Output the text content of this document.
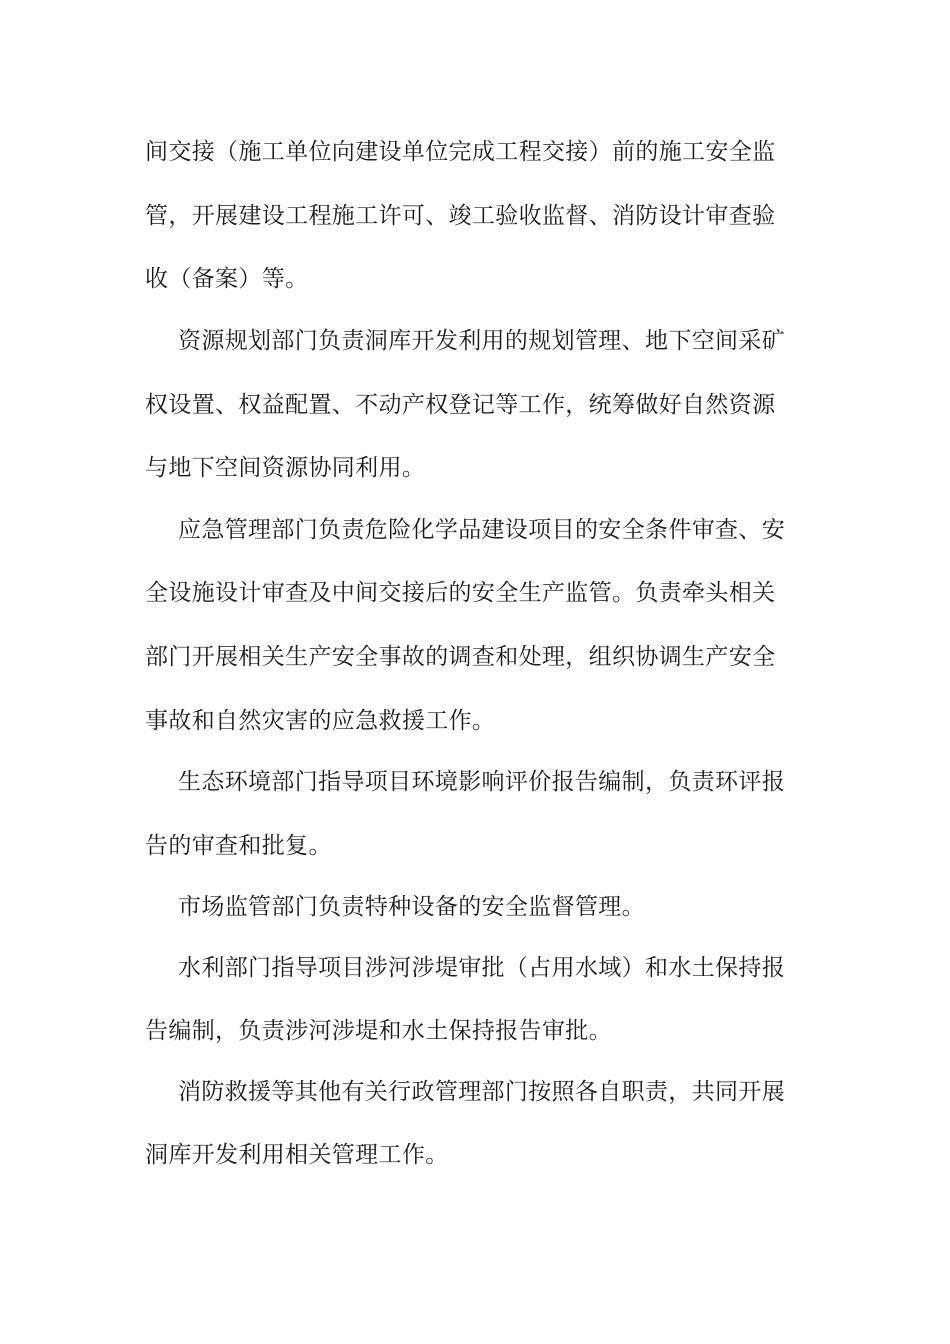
间交接（施工单位向建设单位完成工程交接）前的施工安全监
管，开展建设工程施工许可、竣工验收监督、消防设计审查验
收（备案）等。
资源规划部门负责洞库开发利用的规划管理、地下空间采矿
权设置、权益配置、不动产权登记等工作，统筹做好自然资源
与地下空间资源协同利用。
应急管理部门负责危险化学品建设项目的安全条件审查、安
全设施设计审查及中间交接后的安全生产监管。负责牵头相关
部门开展相关生产安全事故的调查和处理，组织协调生产安全
事故和自然灾害的应急救援工作。
生态环境部门指导项目环境影响评价报告编制，负责环评报
告的审查和批复。
市场监管部门负责特种设备的安全监督管理。
水利部门指导项目涉河涉堤审批（占用水域）和水土保持报
告编制，负责涉河涉堤和水土保持报告审批。
消防救援等其他有关行政管理部门按照各自职责，共同开展
洞库开发利用相关管理工作。
